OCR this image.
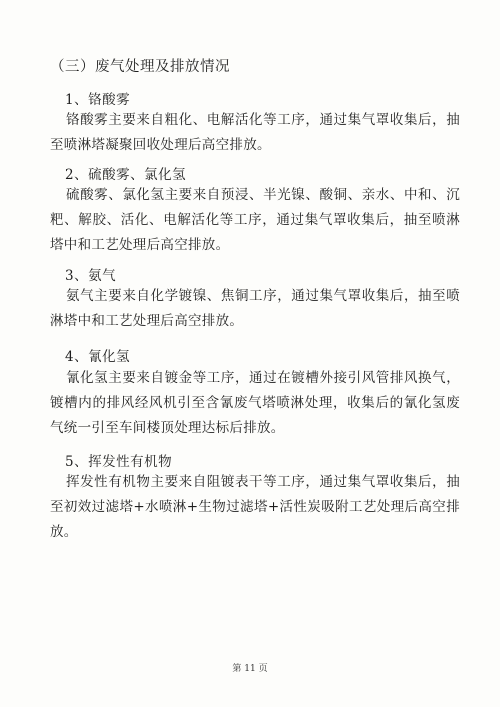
（三）废气处理及排放情况
1、铬酸雾
铬酸雾主要来自粗化、电解活化等工序，通过集气罩收集后，抽至喷淋塔凝聚回收处理后高空排放。
2、硫酸雾、氯化氢
硫酸雾、氯化氢主要来自预浸、半光镍、酸铜、亲水、中和、沉粑、解胶、活化、电解活化等工序，通过集气罩收集后，抽至喷淋塔中和工艺处理后高空排放。
3、氨气
氨气主要来自化学镀镍、焦铜工序，通过集气罩收集后，抽至喷淋塔中和工艺处理后高空排放。
4、氰化氢
氰化氢主要来自镀金等工序，通过在镀槽外接引风管排风换气，镀槽内的排风经风机引至含氰废气塔喷淋处理，收集后的氰化氢废气统一引至车间楼顶处理达标后排放。
5、挥发性有机物
挥发性有机物主要来自阻镀表干等工序，通过集气罩收集后，抽至初效过滤塔+水喷淋+生物过滤塔+活性炭吸附工艺处理后高空排放。
第 11 页
